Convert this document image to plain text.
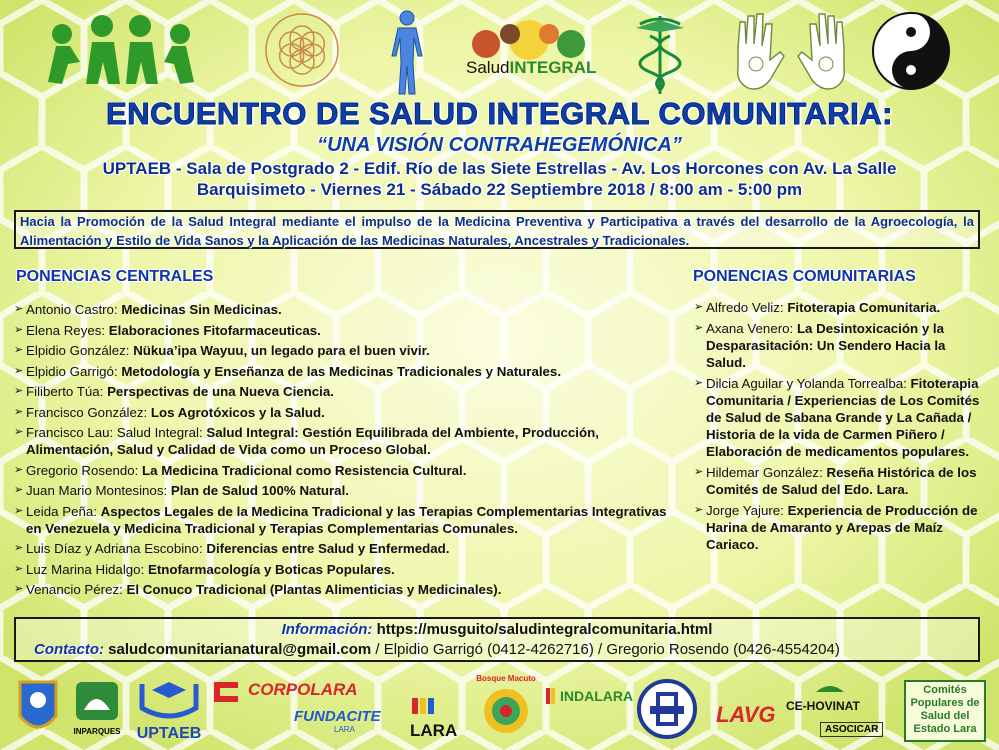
SaludINTEGRAL
ENCUENTRO DE SALUD INTEGRAL COMUNITARIA:
“UNA VISIÓN CONTRAHEGEMÓNICA”
UPTAEB - Sala de Postgrado 2 - Edif. Río de las Siete Estrellas - Av. Los Horcones con Av. La Salle
Barquisimeto - Viernes 21 - Sábado 22 Septiembre 2018 / 8:00 am - 5:00 pm
Hacia la Promoción de la Salud Integral mediante el impulso de la Medicina Preventiva y Participativa a través del desarrollo de la Agroecología, la Alimentación y Estilo de Vida Sanos y la Aplicación de las Medicinas Naturales, Ancestrales y Tradicionales.
PONENCIAS CENTRALES	PONENCIAS COMUNITARIAS
➢ Antonio Castro: Medicinas Sin Medicinas.
➢ Elena Reyes: Elaboraciones Fitofarmaceuticas.
➢ Elpidio González: Nükua’ipa Wayuu, un legado para el buen vivir.
➢ Elpidio Garrigó: Metodología y Enseñanza de las Medicinas Tradicionales y Naturales.
➢ Filiberto Túa: Perspectivas de una Nueva Ciencia.
➢ Francisco González: Los Agrotóxicos y la Salud.
➢ Francisco Lau: Salud Integral: Salud Integral: Gestión Equilibrada del Ambiente, Producción, Alimentación, Salud y Calidad de Vida como un Proceso Global.
➢ Gregorio Rosendo: La Medicina Tradicional como Resistencia Cultural.
➢ Juan Mario Montesinos: Plan de Salud 100% Natural.
➢ Leida Peña: Aspectos Legales de la Medicina Tradicional y las Terapias Complementarias Integrativas en Venezuela y Medicina Tradicional y Terapias Complementarias Comunales.
➢ Luis Díaz y Adriana Escobino: Diferencias entre Salud y Enfermedad.
➢ Luz Marina Hidalgo: Etnofarmacología y Boticas Populares.
➢ Venancio Pérez: El Conuco Tradicional (Plantas Alimenticias y Medicinales).
➢ Alfredo Veliz: Fitoterapia Comunitaria.
➢ Axana Venero: La Desintoxicación y la Desparasitación: Un Sendero Hacia la Salud.
➢ Dilcia Aguilar y Yolanda Torrealba: Fitoterapia Comunitaria / Experiencias de Los Comités de Salud de Sabana Grande y La Cañada / Historia de la vida de Carmen Piñero / Elaboración de medicamentos populares.
➢ Hildemar González: Reseña Histórica de los Comités de Salud del Edo. Lara.
➢ Jorge Yajure: Experiencia de Producción de Harina de Amaranto y Arepas de Maíz Cariaco.
Información: https://musguito/saludintegralcomunitaria.html
Contacto: saludcomunitarianatural@gmail.com / Elpidio Garrigó (0412-4262716) / Gregorio Rosendo (0426-4554204)
INPARQUES UPTAEB
CORPOLARA
FUNDACITE
LARA	LARA
Bosque Macuto
INDALARA
LAVG CE-HOVINAT
ASOCICAR
Comités Populares de Salud del Estado Lara
